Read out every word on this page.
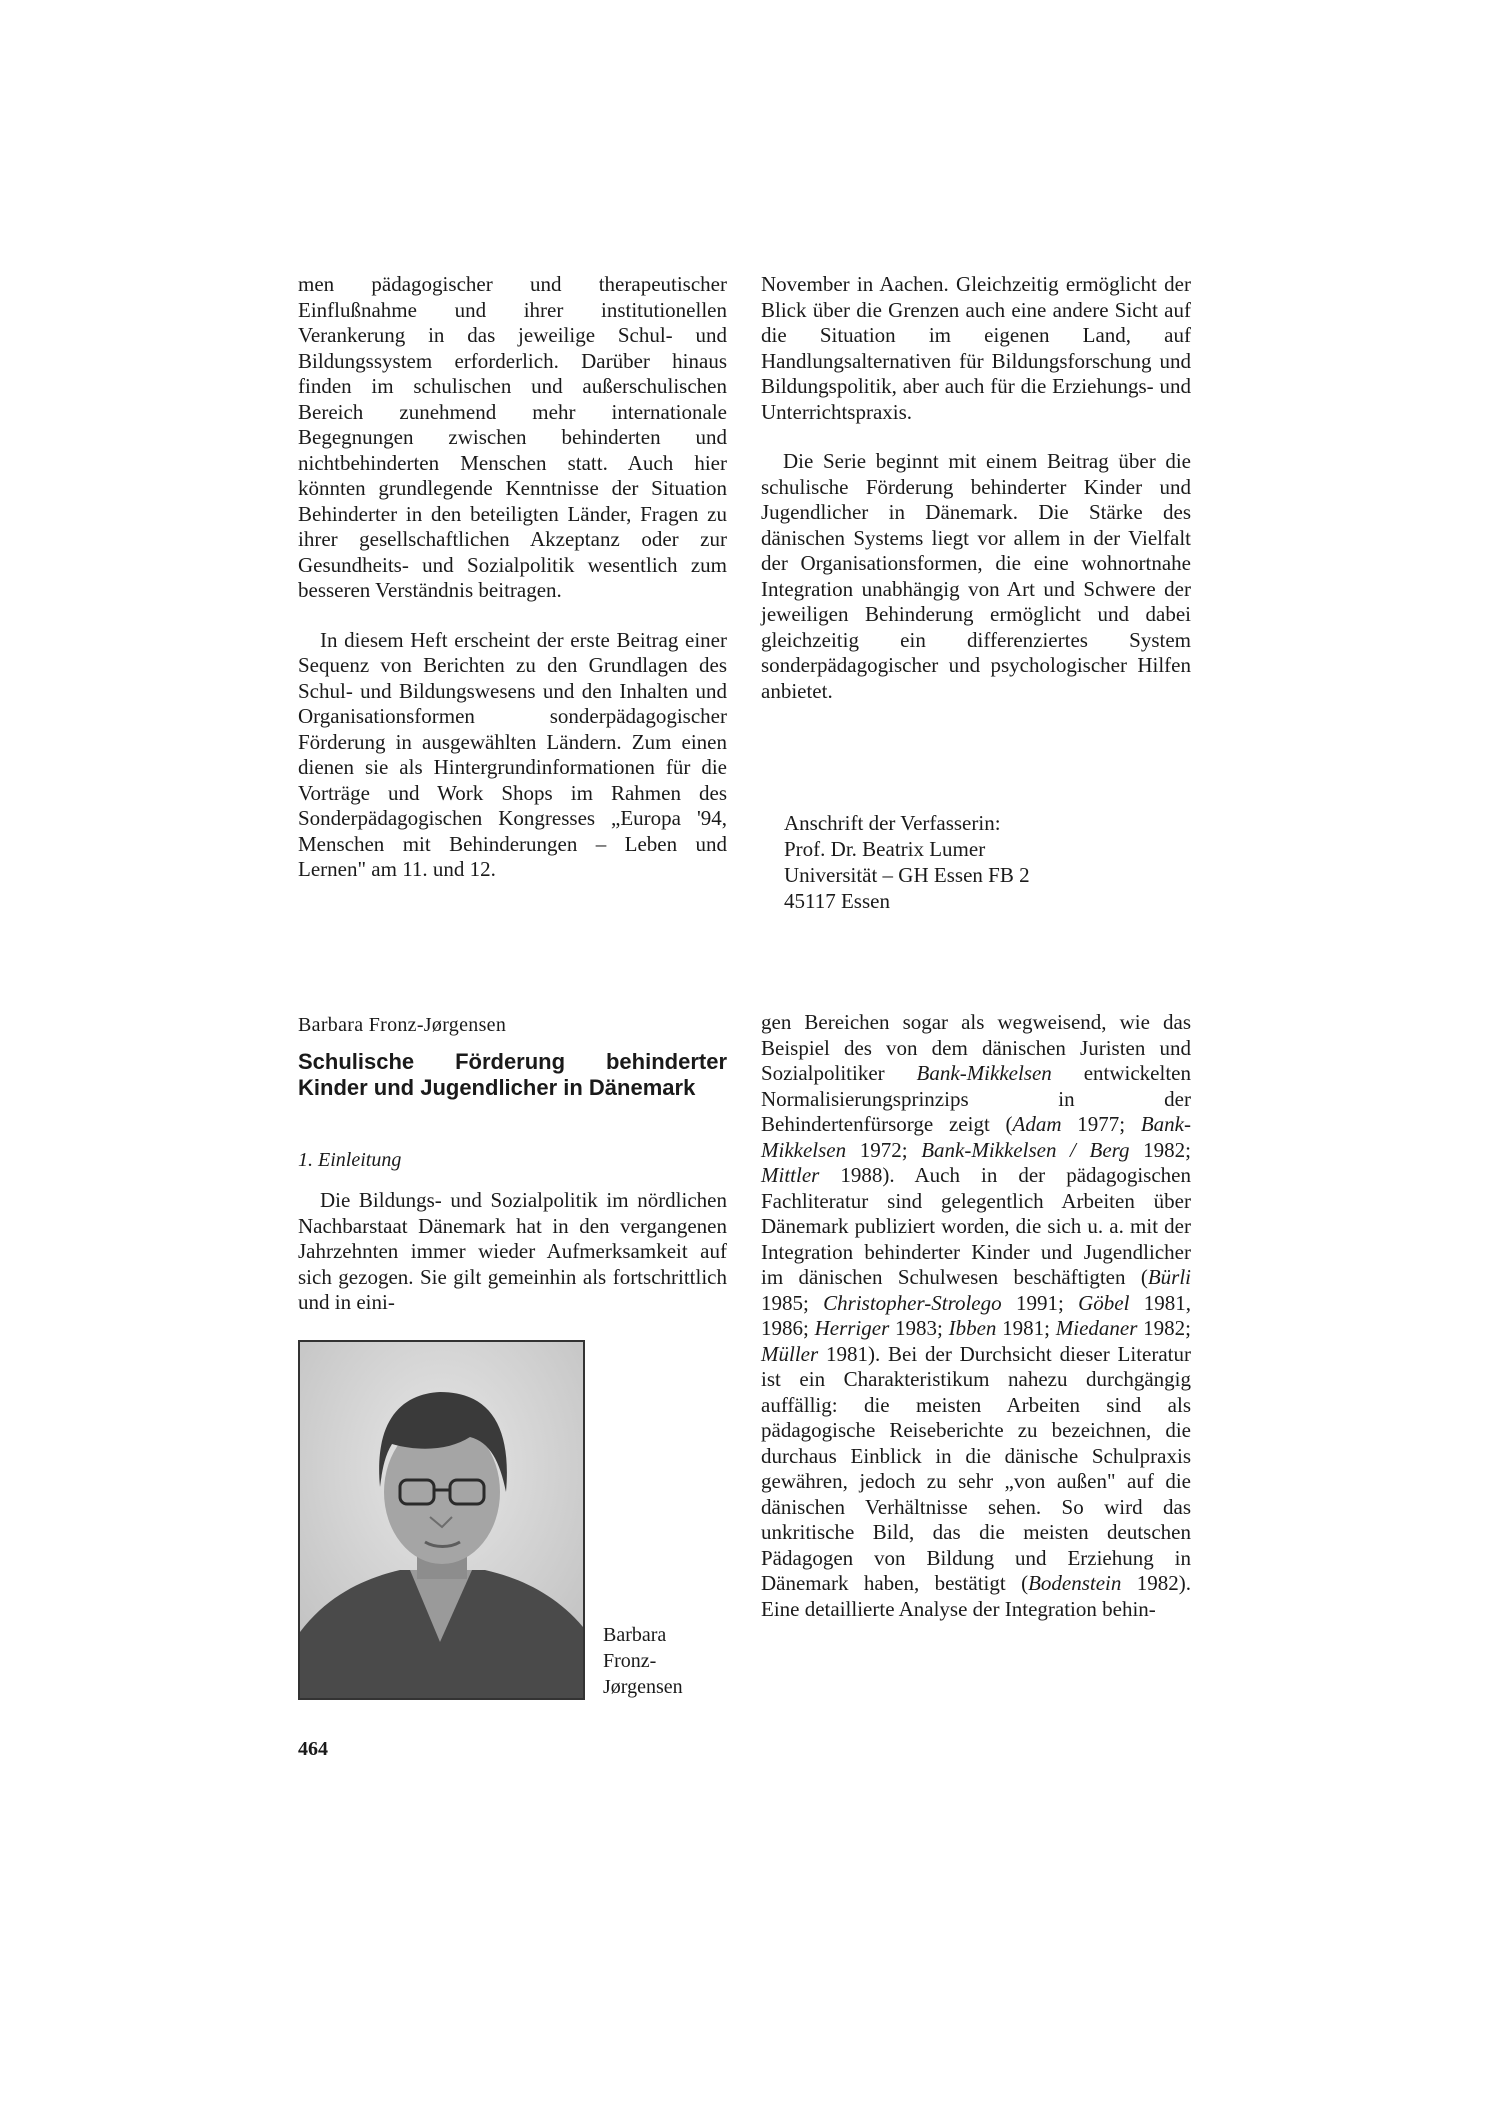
men pädagogischer und therapeutischer Einflußnahme und ihrer institutionellen Verankerung in das jeweilige Schul- und Bildungssystem erforderlich. Darüber hinaus finden im schulischen und außerschulischen Bereich zunehmend mehr internationale Begegnungen zwischen behinderten und nichtbehinderten Menschen statt. Auch hier könnten grundlegende Kenntnisse der Situation Behinderter in den beteiligten Länder, Fragen zu ihrer gesellschaftlichen Akzeptanz oder zur Gesundheits- und Sozialpolitik wesentlich zum besseren Verständnis beitragen.

In diesem Heft erscheint der erste Beitrag einer Sequenz von Berichten zu den Grundlagen des Schul- und Bildungswesens und den Inhalten und Organisationsformen sonderpädagogischer Förderung in ausgewählten Ländern. Zum einen dienen sie als Hintergrundinformationen für die Vorträge und Work Shops im Rahmen des Sonderpädagogischen Kongresses „Europa '94, Menschen mit Behinderungen – Leben und Lernen" am 11. und 12.

November in Aachen. Gleichzeitig ermöglicht der Blick über die Grenzen auch eine andere Sicht auf die Situation im eigenen Land, auf Handlungsalternativen für Bildungsforschung und Bildungspolitik, aber auch für die Erziehungs- und Unterrichtspraxis.

Die Serie beginnt mit einem Beitrag über die schulische Förderung behinderter Kinder und Jugendlicher in Dänemark. Die Stärke des dänischen Systems liegt vor allem in der Vielfalt der Organisationsformen, die eine wohnortnahe Integration unabhängig von Art und Schwere der jeweiligen Behinderung ermöglicht und dabei gleichzeitig ein differenziertes System sonderpädagogischer und psychologischer Hilfen anbietet.

Anschrift der Verfasserin:
Prof. Dr. Beatrix Lumer
Universität – GH Essen FB 2
45117 Essen
Barbara Fronz-Jørgensen
Schulische Förderung behinderter Kinder und Jugendlicher in Dänemark
1. Einleitung
Die Bildungs- und Sozialpolitik im nördlichen Nachbarstaat Dänemark hat in den vergangenen Jahrzehnten immer wieder Aufmerksamkeit auf sich gezogen. Sie gilt gemeinhin als fortschrittlich und in eini-
Barbara
Fronz-
Jørgensen
gen Bereichen sogar als wegweisend, wie das Beispiel des von dem dänischen Juristen und Sozialpolitiker Bank-Mikkelsen entwickelten Normalisierungsprinzips in der Behindertenfürsorge zeigt (Adam 1977; Bank-Mikkelsen 1972; Bank-Mikkelsen / Berg 1982; Mittler 1988). Auch in der pädagogischen Fachliteratur sind gelegentlich Arbeiten über Dänemark publiziert worden, die sich u. a. mit der Integration behinderter Kinder und Jugendlicher im dänischen Schulwesen beschäftigten (Bürli 1985; Christopher-Strolego 1991; Göbel 1981, 1986; Herriger 1983; Ibben 1981; Miedaner 1982; Müller 1981). Bei der Durchsicht dieser Literatur ist ein Charakteristikum nahezu durchgängig auffällig: die meisten Arbeiten sind als pädagogische Reiseberichte zu bezeichnen, die durchaus Einblick in die dänische Schulpraxis gewähren, jedoch zu sehr „von außen" auf die dänischen Verhältnisse sehen. So wird das unkritische Bild, das die meisten deutschen Pädagogen von Bildung und Erziehung in Dänemark haben, bestätigt (Bodenstein 1982). Eine detaillierte Analyse der Integration behin-
464
